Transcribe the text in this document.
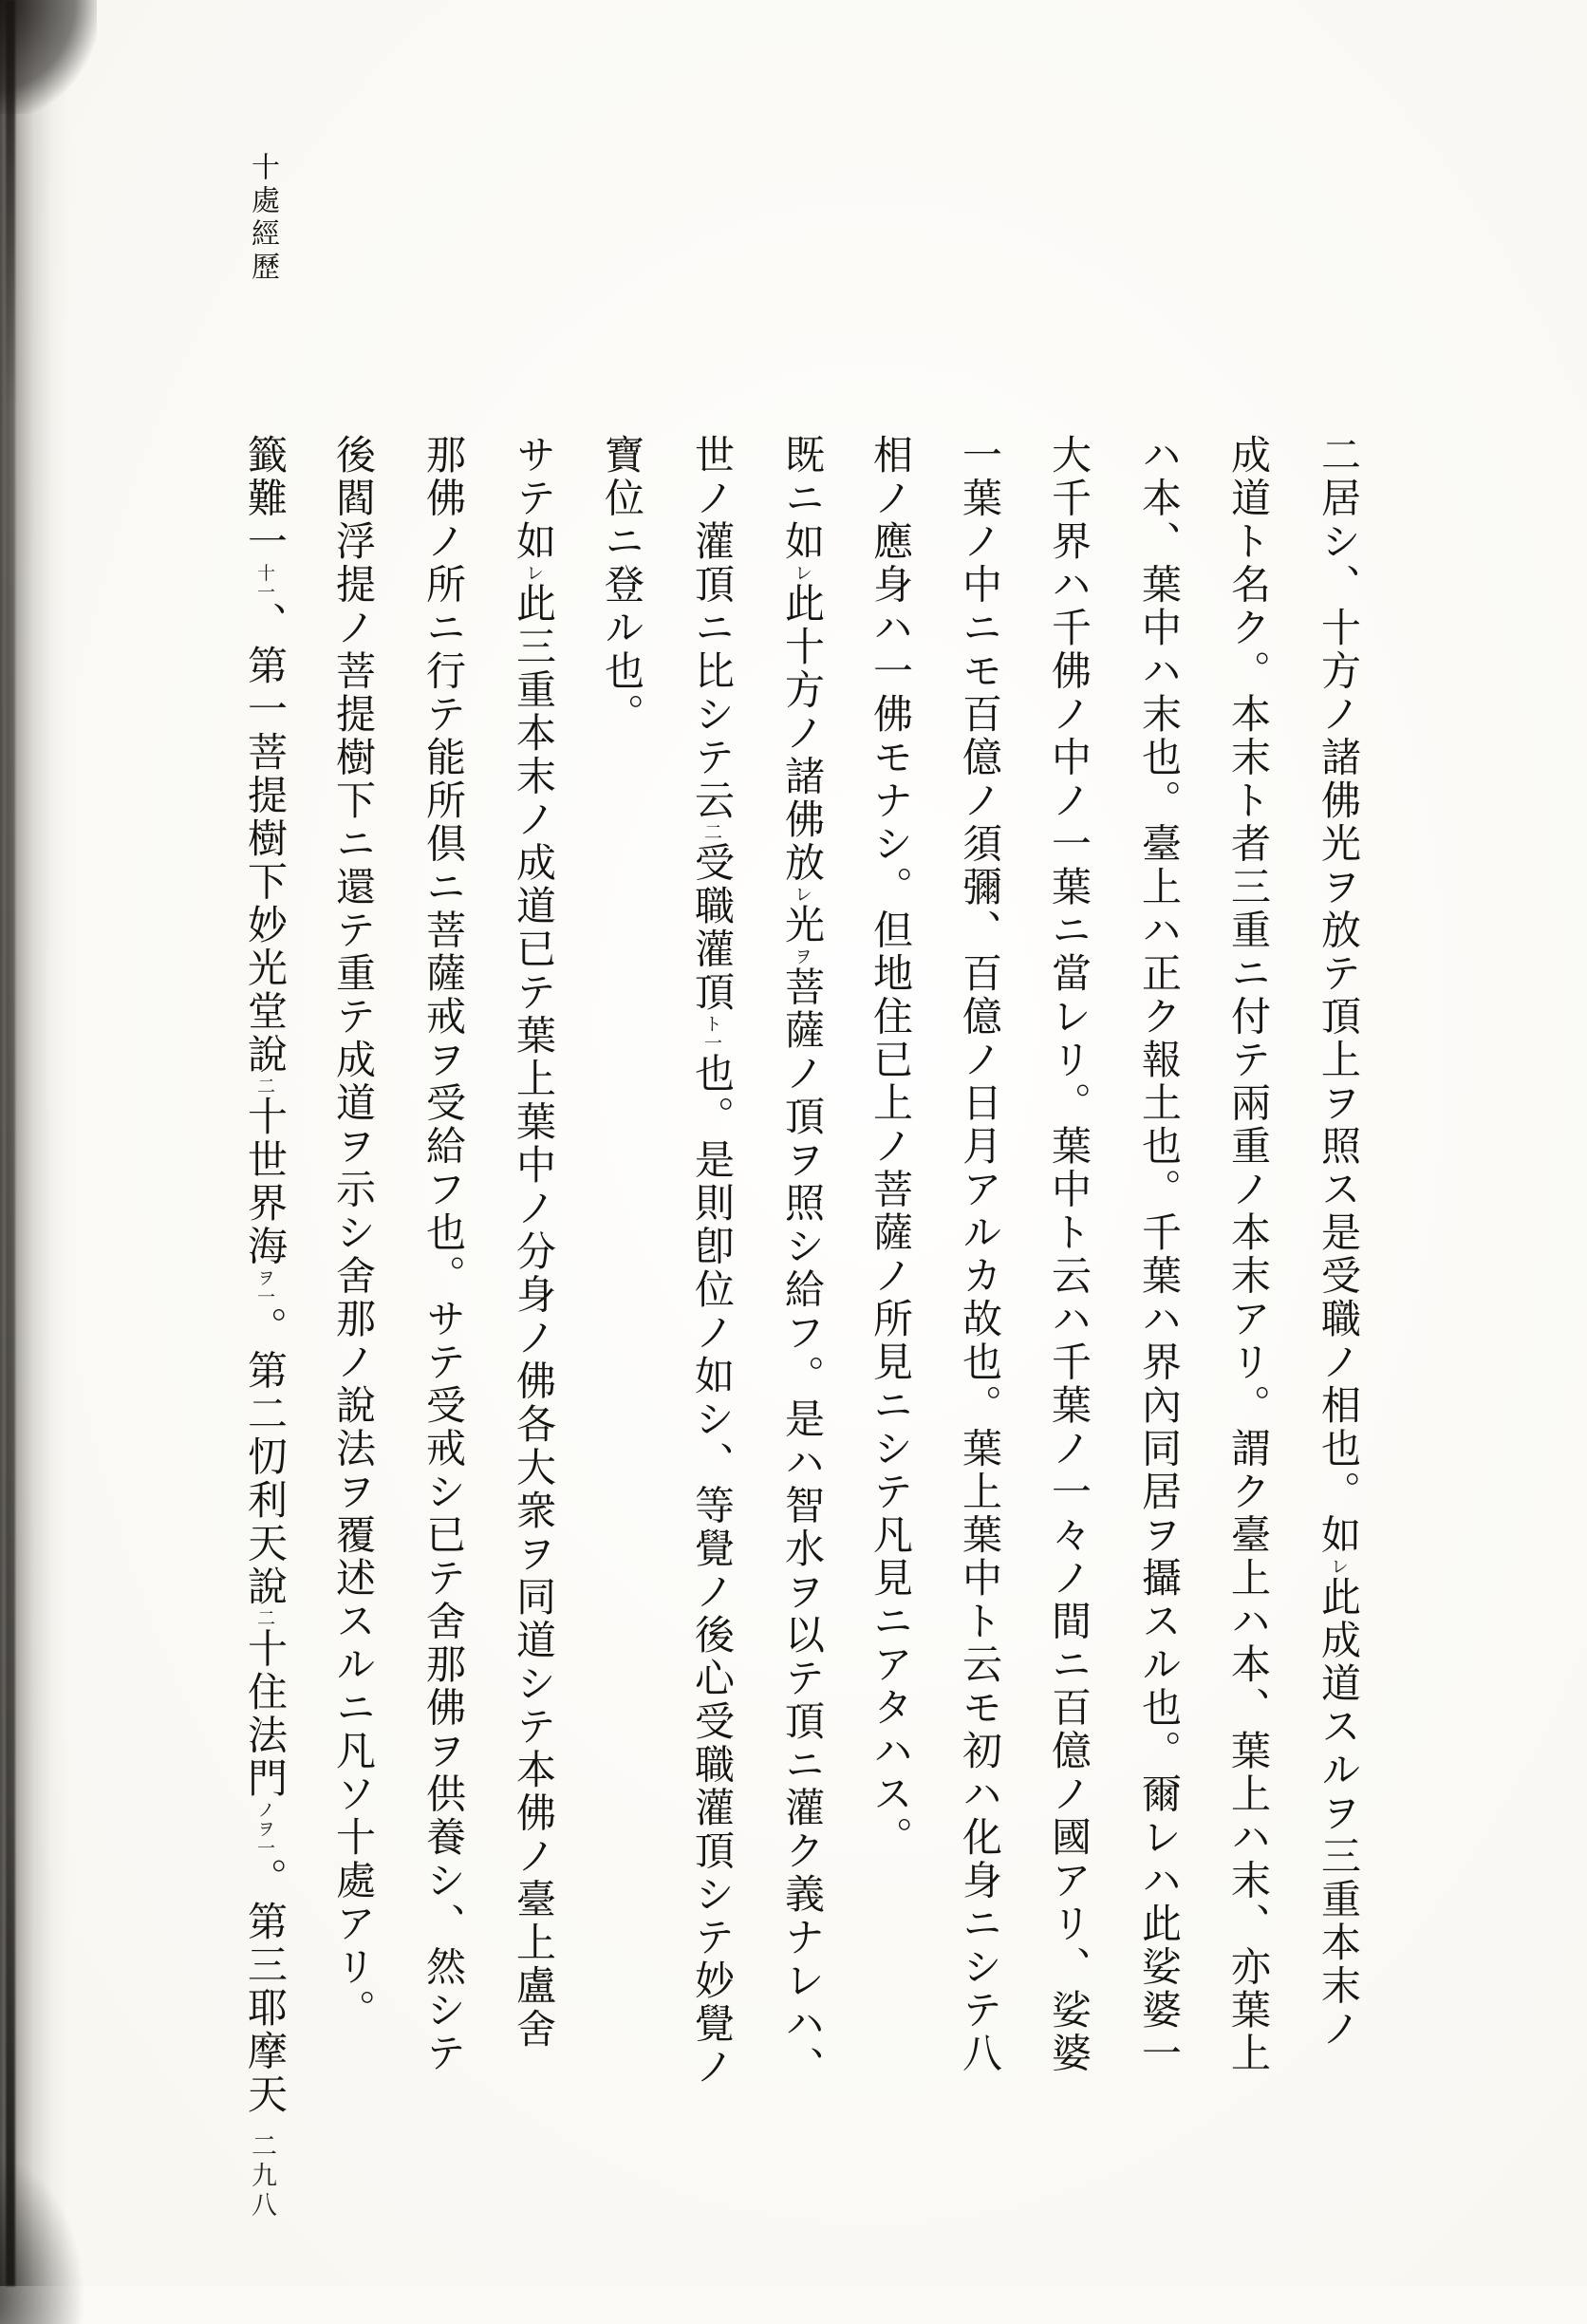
十處經歷
二居シ、十方ノ諸佛光ヲ放テ頂上ヲ照ス是受職ノ相也。如レ此成道スルヲ三重本末ノ
成道ト名ク。本末ト者三重ニ付テ兩重ノ本末アリ。謂ク臺上ハ本、葉上ハ末、亦葉上
ハ本、葉中ハ末也。臺上ハ正ク報土也。千葉ハ界內同居ヲ攝スル也。爾レハ此娑婆一
大千界ハ千佛ノ中ノ一葉ニ當レリ。葉中ト云ハ千葉ノ一々ノ間ニ百億ノ國アリ、娑婆
一葉ノ中ニモ百億ノ須彌、百億ノ日月アルカ故也。葉上葉中ト云モ初ハ化身ニシテ八
相ノ應身ハ一佛モナシ。但地住已上ノ菩薩ノ所見ニシテ凡見ニアタハス。
既ニ如レ此十方ノ諸佛放レ光ヲ菩薩ノ頂ヲ照シ給フ。是ハ智水ヲ以テ頂ニ灌ク義ナレハ、
世ノ灌頂ニ比シテ云二受職灌頂ト一也。是則卽位ノ如シ、等覺ノ後心受職灌頂シテ妙覺ノ
寶位ニ登ル也。
サテ如レ此三重本末ノ成道已テ葉上葉中ノ分身ノ佛各大衆ヲ同道シテ本佛ノ臺上盧舍
那佛ノ所ニ行テ能所倶ニ菩薩戒ヲ受給フ也。サテ受戒シ已テ舍那佛ヲ供養シ、然シテ
後閻浮提ノ菩提樹下ニ還テ重テ成道ヲ示シ舍那ノ說法ヲ覆述スルニ凡ソ十處アリ。
籤難一十一、第一菩提樹下妙光堂說二十世界海ヲ一。第二忉利天說二十住法門ノヲ一。第三耶摩天
二九八
